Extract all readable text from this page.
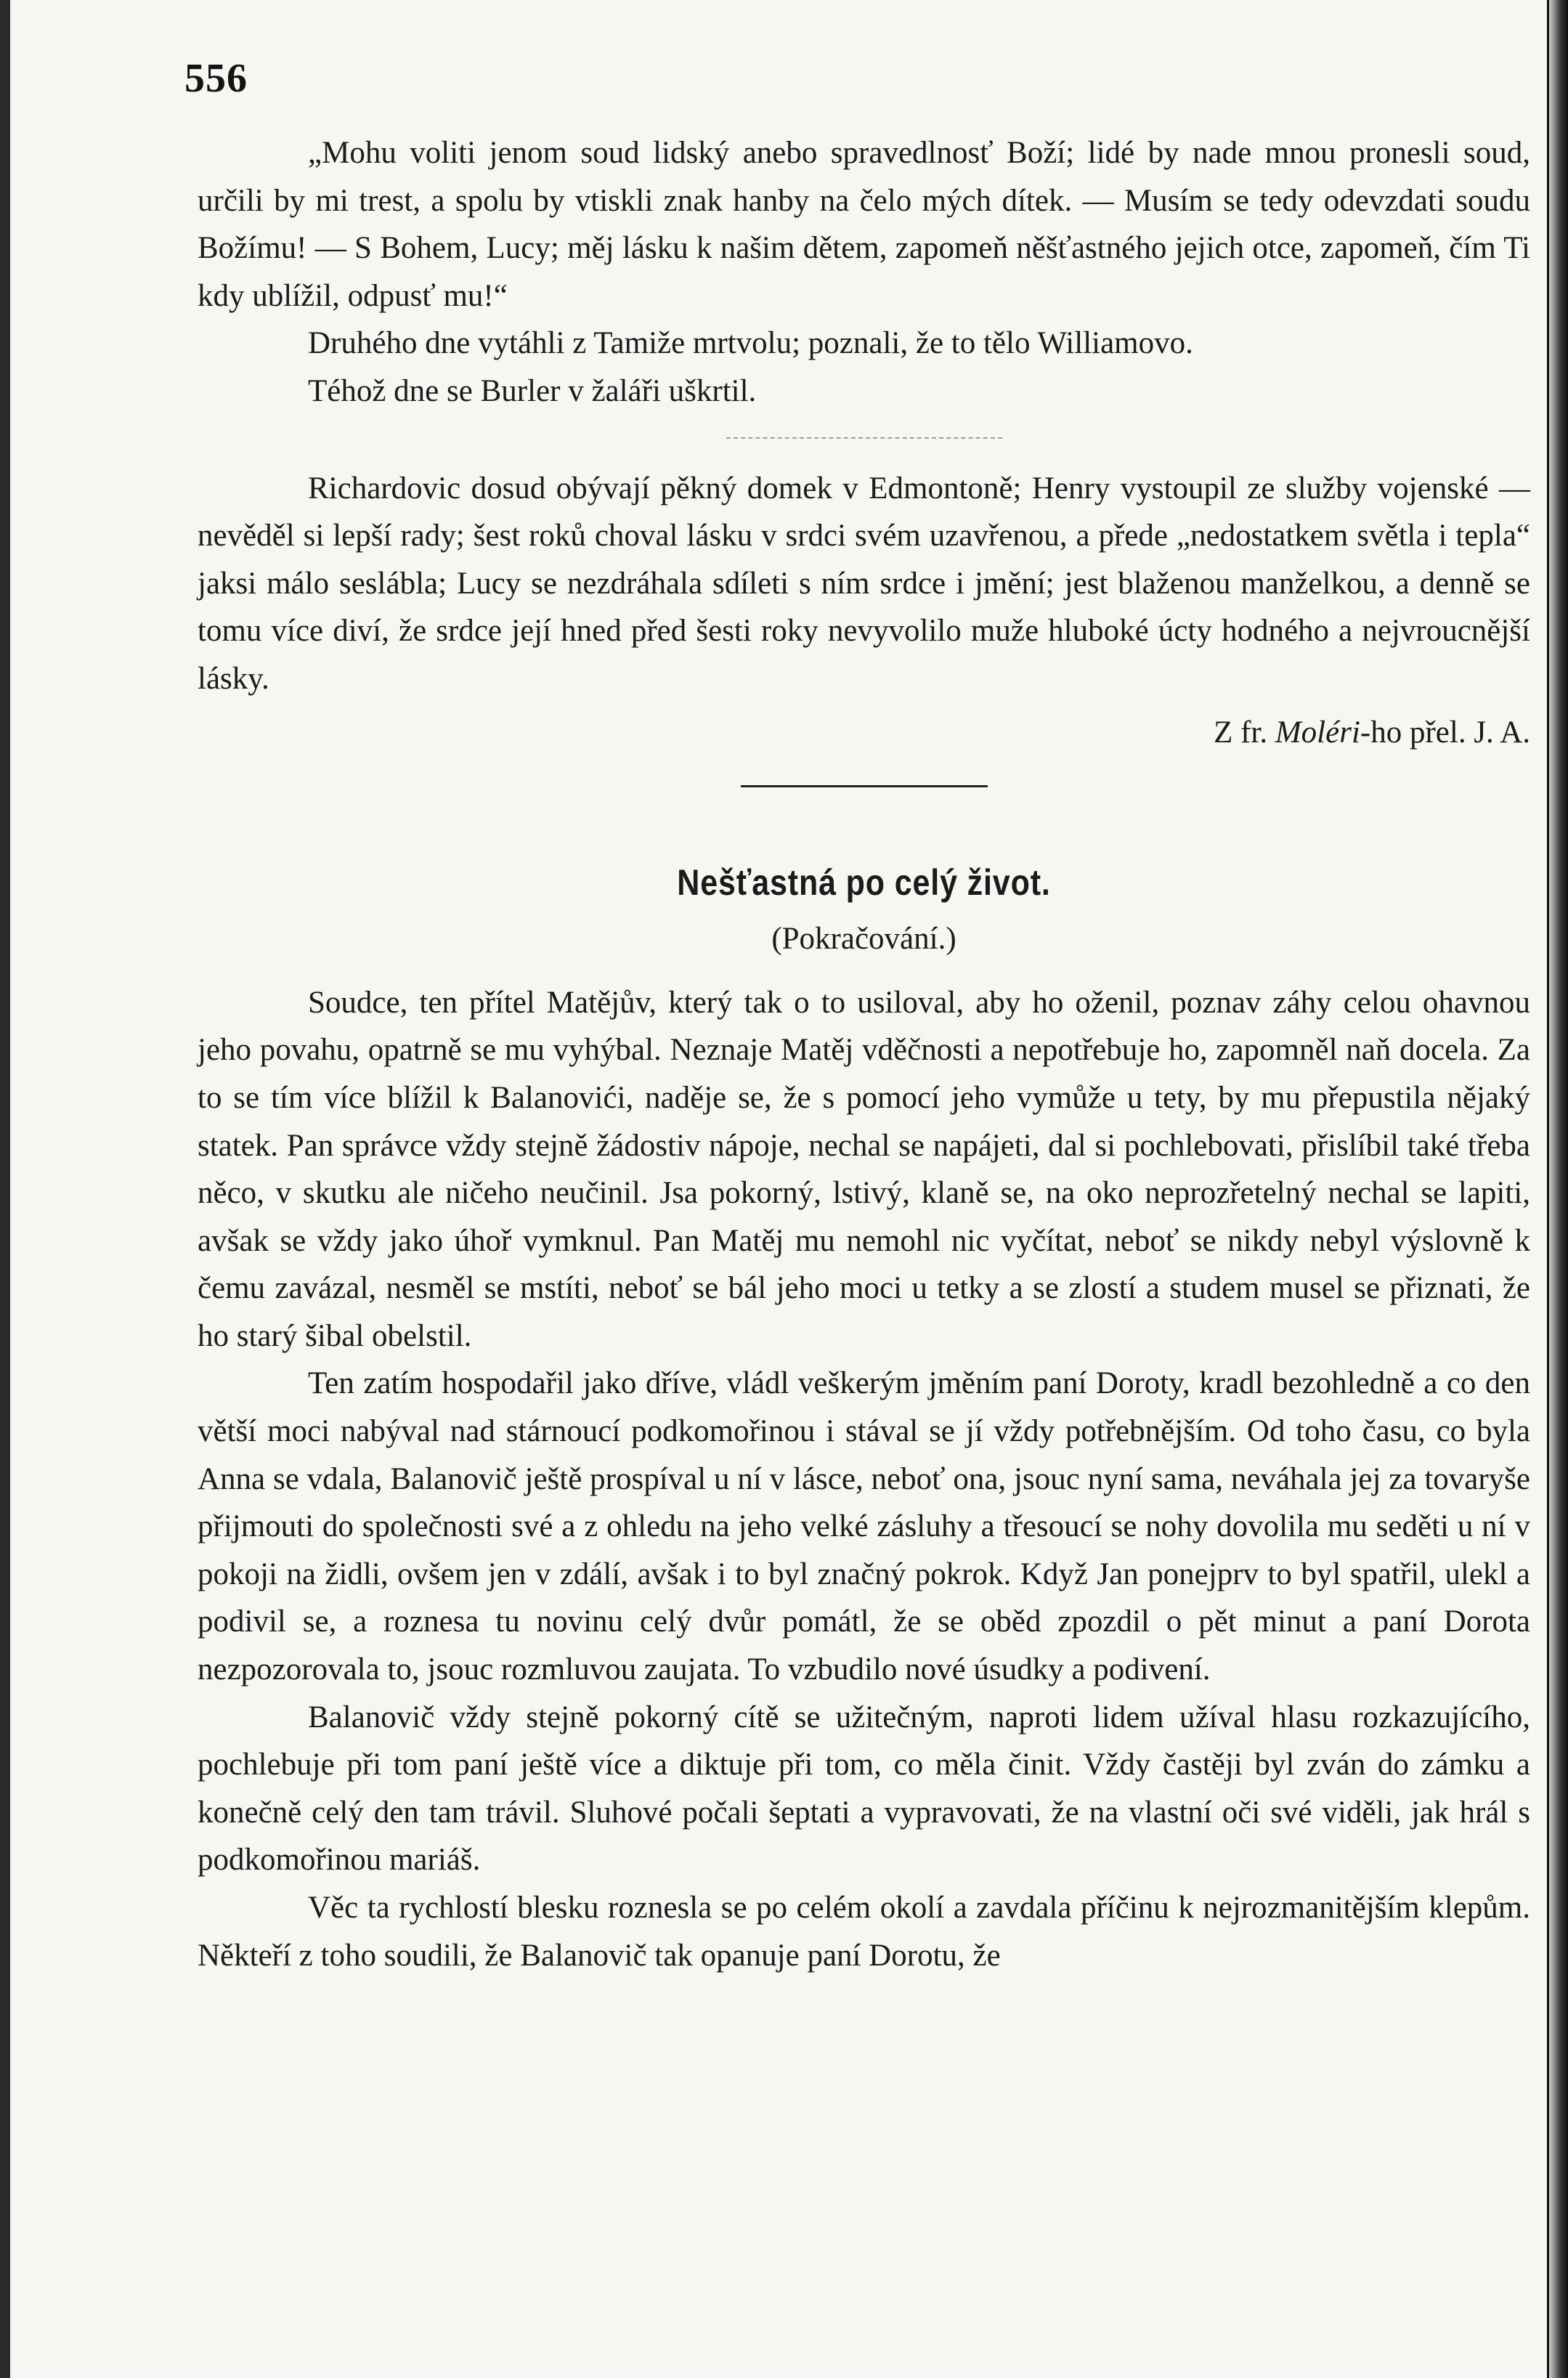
556

„Mohu voliti jenom soud lidský anebo spravedlnosť Boží; lidé by nade mnou pronesli soud, určili by mi trest, a spolu by vtiskli znak hanby na čelo mých dítek. — Musím se tedy odevzdati soudu Božímu! — S Bohem, Lucy; měj lásku k našim dětem, zapomeň něšťastného jejich otce, zapomeň, čím Ti kdy ublížil, odpusť mu!“

Druhého dne vytáhli z Tamiže mrtvolu; poznali, že to tělo Williamovo.

Téhož dne se Burler v žaláři uškrtil.

Richardovic dosud obývají pěkný domek v Edmontoně; Henry vystoupil ze služby vojenské — nevěděl si lepší rady; šest roků choval lásku v srdci svém uzavřenou, a přede „nedostatkem světla i tepla“ jaksi málo seslábla; Lucy se nezdráhala sdíleti s ním srdce i jmění; jest blaženou manželkou, a denně se tomu více diví, že srdce její hned před šesti roky nevyvolilo muže hluboké úcty hodného a nejvroucnější lásky.

Z fr. Moléri-ho přel. J. A.

Nešťastná po celý život.

(Pokračování.)

Soudce, ten přítel Matějův, který tak o to usiloval, aby ho oženil, poznav záhy celou ohavnou jeho povahu, opatrně se mu vyhýbal. Neznaje Matěj vděčnosti a nepotřebuje ho, zapomněl naň docela. Za to se tím více blížil k Balanovići, naděje se, že s pomocí jeho vymůže u tety, by mu přepustila nějaký statek. Pan správce vždy stejně žádostiv nápoje, nechal se napájeti, dal si pochlebovati, přislíbil také třeba něco, v skutku ale ničeho neučinil. Jsa pokorný, lstivý, klaně se, na oko neprozřetelný nechal se lapiti, avšak se vždy jako úhoř vymknul. Pan Matěj mu nemohl nic vyčítat, neboť se nikdy nebyl výslovně k čemu zavázal, nesměl se mstíti, neboť se bál jeho moci u tetky a se zlostí a studem musel se přiznati, že ho starý šibal obelstil.

Ten zatím hospodařil jako dříve, vládl veškerým jměním paní Doroty, kradl bezohledně a co den větší moci nabýval nad stárnoucí podkomořinou i stával se jí vždy potřebnějším. Od toho času, co byla Anna se vdala, Balanovič ještě prospíval u ní v lásce, neboť ona, jsouc nyní sama, neváhala jej za tovaryše přijmouti do společnosti své a z ohledu na jeho velké zásluhy a třesoucí se nohy dovolila mu seděti u ní v pokoji na židli, ovšem jen v zdálí, avšak i to byl značný pokrok. Když Jan ponejprv to byl spatřil, ulekl a podivil se, a roznesa tu novinu celý dvůr pomátl, že se oběd zpozdil o pět minut a paní Dorota nezpozorovala to, jsouc rozmluvou zaujata. To vzbudilo nové úsudky a podivení.

Balanovič vždy stejně pokorný cítě se užitečným, naproti lidem užíval hlasu rozkazujícího, pochlebuje při tom paní ještě více a diktuje při tom, co měla činit. Vždy častěji byl zván do zámku a konečně celý den tam trávil. Sluhové počali šeptati a vypravovati, že na vlastní oči své viděli, jak hrál s podkomořinou mariáš.

Věc ta rychlostí blesku roznesla se po celém okolí a zavdala příčinu k nejrozmanitějším klepům. Někteří z toho soudili, že Balanovič tak opanuje paní Dorotu, že
